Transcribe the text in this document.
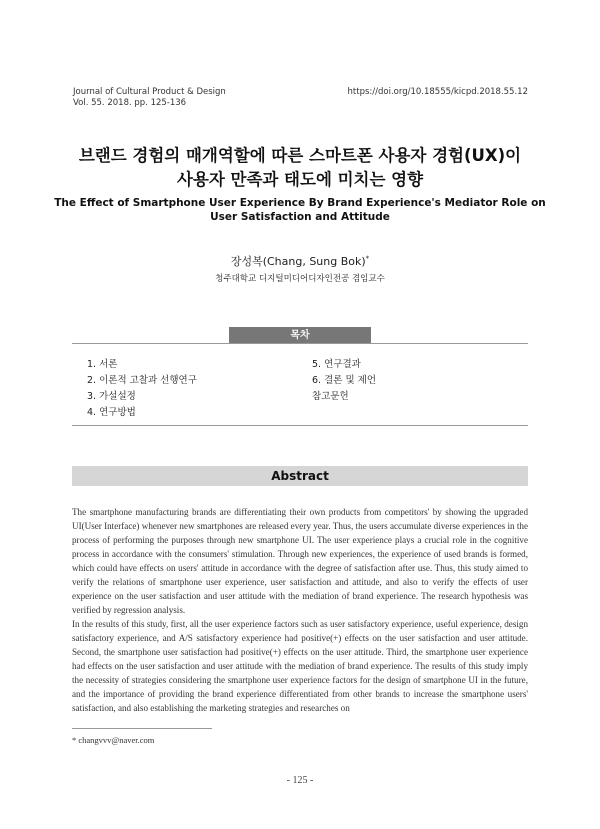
Journal of Cultural Product & Design
Vol. 55. 2018. pp. 125-136
https://doi.org/10.18555/kicpd.2018.55.12
브랜드 경험의 매개역할에 따른 스마트폰 사용자 경험(UX)이
사용자 만족과 태도에 미치는 영향
The Effect of Smartphone User Experience By Brand Experience's Mediator Role on
User Satisfaction and Attitude
장성복(Chang, Sung Bok)*
청주대학교 디지털미디어디자인전공 겸임교수
목차
1. 서론
2. 이론적 고찰과 선행연구
3. 가설설정
4. 연구방법
5. 연구결과
6. 결론 및 제언
참고문헌
Abstract

The smartphone manufacturing brands are differentiating their own products from competitors' by showing the upgraded UI(User Interface) whenever new smartphones are released every year. Thus, the users accumulate diverse experiences in the process of performing the purposes through new smartphone UI. The user experience plays a crucial role in the cognitive process in accordance with the consumers' stimulation. Through new experiences, the experience of used brands is formed, which could have effects on users' attitude in accordance with the degree of satisfaction after use. Thus, this study aimed to verify the relations of smartphone user experience, user satisfaction and attitude, and also to verify the effects of user experience on the user satisfaction and user attitude with the mediation of brand experience. The research hypothesis was verified by regression analysis.

In the results of this study, first, all the user experience factors such as user satisfactory experience, useful experience, design satisfactory experience, and A/S satisfactory experience had positive(+) effects on the user satisfaction and user attitude. Second, the smartphone user satisfaction had positive(+) effects on the user attitude. Third, the smartphone user experience had effects on the user satisfaction and user attitude with the mediation of brand experience. The results of this study imply the necessity of strategies considering the smartphone user experience factors for the design of smartphone UI in the future, and the importance of providing the brand experience differentiated from other brands to increase the smartphone users' satisfaction, and also establishing the marketing strategies and researches on

* changvvv@naver.com
- 125 -
